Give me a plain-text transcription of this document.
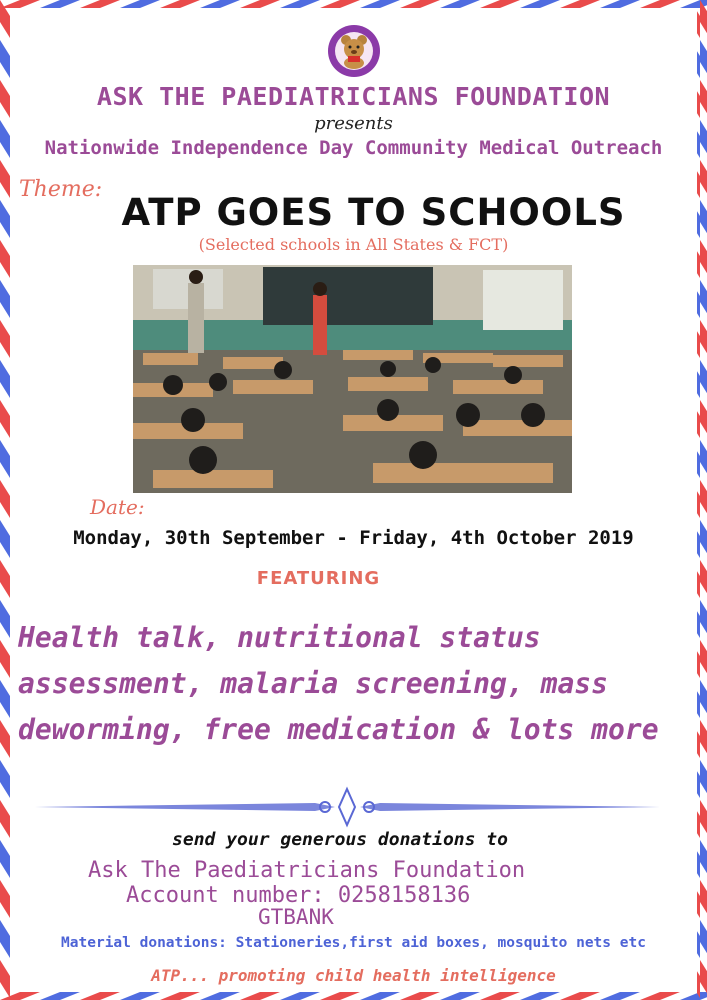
ASK THE PAEDIATRICIANS FOUNDATION

presents

Nationwide Independence Day Community Medical Outreach

Theme:

ATP GOES TO SCHOOLS

(Selected schools in All States & FCT)

Date:

Monday, 30th September - Friday, 4th October 2019

FEATURING

Health talk, nutritional status assessment, malaria screening, mass deworming, free medication & lots more

send your generous donations to

Ask The Paediatricians Foundation

Account number: 0258158136

GTBANK

Material donations: Stationeries,first aid boxes, mosquito nets etc

ATP... promoting child health intelligence
